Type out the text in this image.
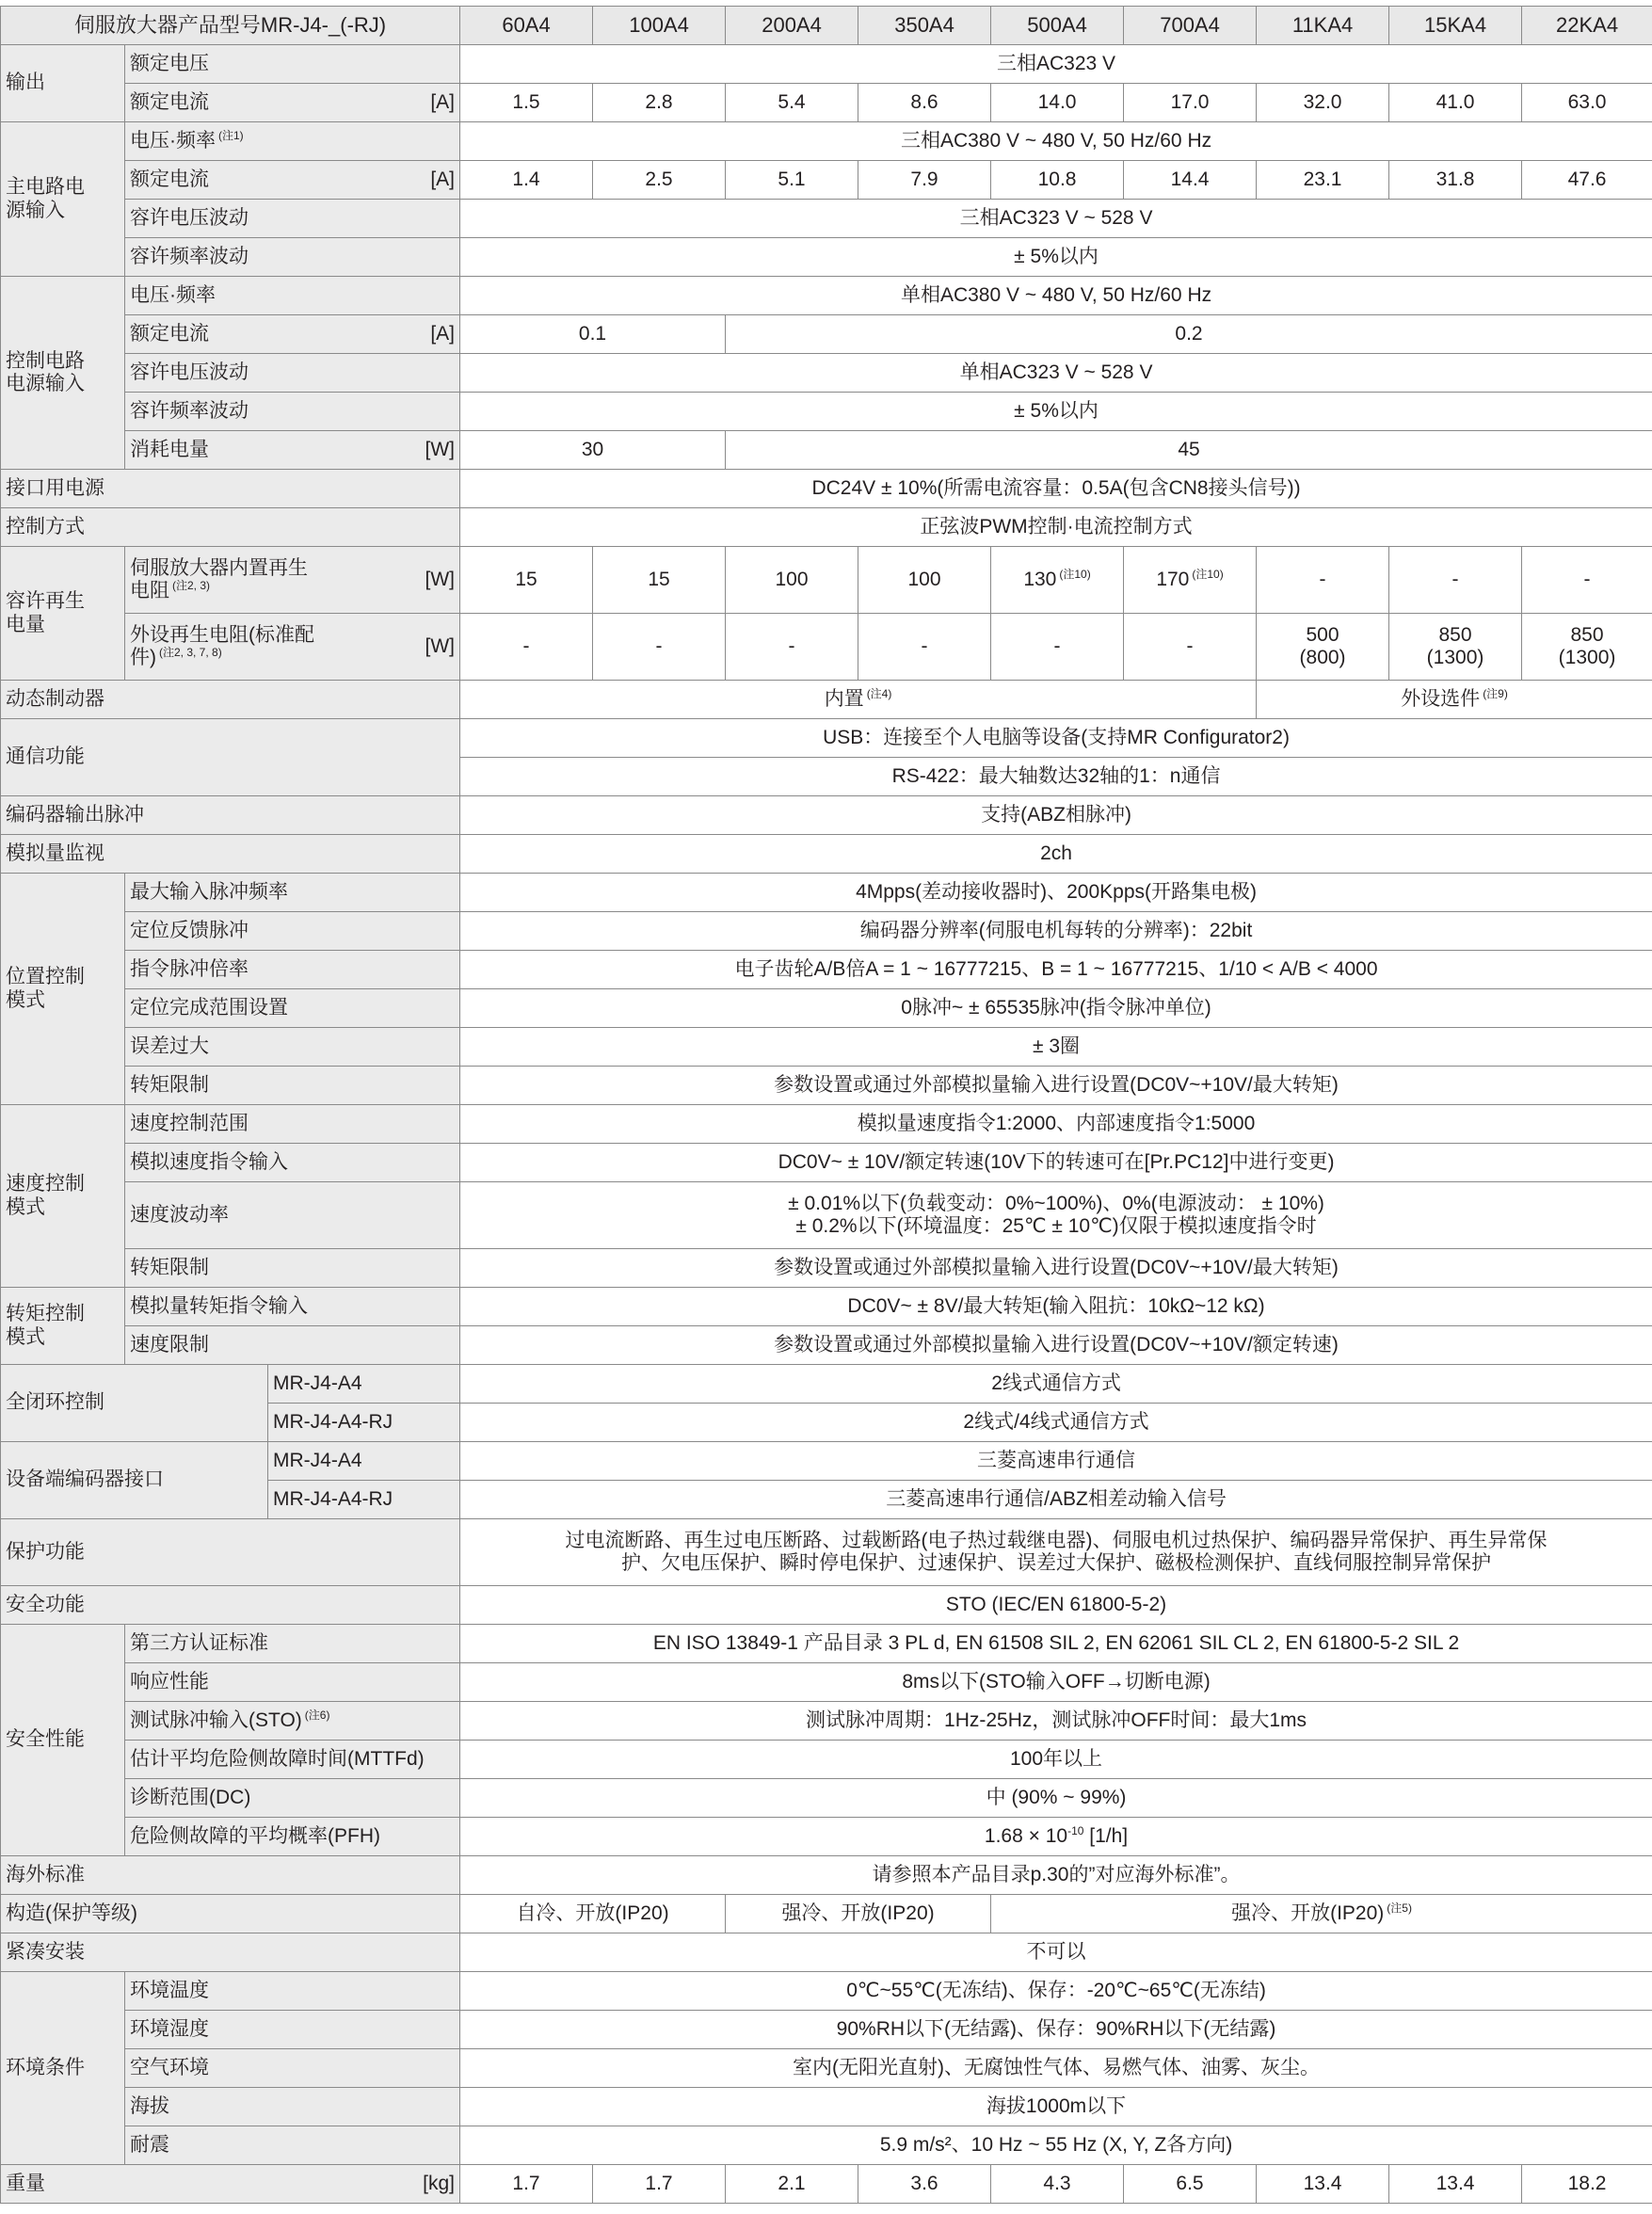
伺服放大器产品型号MR-J4-_(-RJ)			60A4	100A4	200A4	350A4	500A4	700A4	11KA4	15KA4	22KA4
输出	额定电压		三相AC323 V								

	额定电流 [A]		1.5	2.8	5.4	8.6	14.0	17.0	32.0	41.0	63.0
主电路电
源输入	电压·频率 $^{(注1)}$		三相AC380 V ~ 480 V, 50 Hz/60 Hz								

	额定电流 [A]		1.4	2.5	5.1	7.9	10.8	14.4	23.1	31.8	47.6

	容许电压波动		三相AC323 V ~ 528 V								

	容许频率波动		± 5%以内								
控制电路
电源输入	电压·频率		单相AC380 V ~ 480 V, 50 Hz/60 Hz								

	额定电流 [A]		0.1		0.2						

	容许电压波动		单相AC323 V ~ 528 V								

	容许频率波动		± 5%以内								

	消耗电量 [W]		30		45						

接口用电源			DC24V ± 10%(所需电流容量：0.5A(包含CN8接头信号))								

控制方式			正弦波PWM控制·电流控制方式								
容许再生
电量	伺服放大器内置再生
电阻 $^{(注2, 3)}$ [W]		15	15	100	100	130 $^{(注10)}$	170 $^{(注10)}$	-	-	-

	外设再生电阻(标准配
件) $^{(注2, 3, 7, 8)}$ [W]		-	-	-	-	-	-	500
(800)	850
(1300)	850
(1300)

动态制动器			内置 $^{(注4)}$						外设选件 $^{(注9)}$
通信功能			USB：连接至个人电脑等设备(支持MR Configurator2)								
			RS-422：最大轴数达32轴的1：n通信								

编码器输出脉冲			支持(ABZ相脉冲)								

模拟量监视			2ch								
位置控制
模式	最大输入脉冲频率		4Mpps(差动接收器时)、200Kpps(开路集电极)								

	定位反馈脉冲		编码器分辨率(伺服电机每转的分辨率)：22bit								

	指令脉冲倍率		电子齿轮A/B倍A = 1 ~ 16777215、B = 1 ~ 16777215、1/10 < A/B < 4000								

	定位完成范围设置		0脉冲~ ± 65535脉冲(指令脉冲单位)								

	误差过大		± 3圈								

	转矩限制		参数设置或通过外部模拟量输入进行设置(DC0V~+10V/最大转矩)								
速度控制
模式	速度控制范围		模拟量速度指令1:2000、内部速度指令1:5000								

	模拟速度指令输入		DC0V~ ± 10V/额定转速(10V下的转速可在[Pr.PC12]中进行变更)								

	速度波动率		± 0.01%以下(负载变动：0%~100%)、0%(电源波动： ± 10%)
± 0.2%以下(环境温度：25℃ ± 10℃)仅限于模拟速度指令时								

	转矩限制		参数设置或通过外部模拟量输入进行设置(DC0V~+10V/最大转矩)								
转矩控制
模式	模拟量转矩指令输入		DC0V~ ± 8V/最大转矩(输入阻抗：10kΩ~12 kΩ)								

	速度限制		参数设置或通过外部模拟量输入进行设置(DC0V~+10V/额定转速)								
全闭环控制		MR-J4-A4	2线式通信方式								

		MR-J4-A4-RJ	2线式/4线式通信方式								
设备端编码器接口		MR-J4-A4	三菱高速串行通信								

		MR-J4-A4-RJ	三菱高速串行通信/ABZ相差动输入信号								

保护功能			过电流断路、再生过电压断路、过载断路(电子热过载继电器)、伺服电机过热保护、编码器异常保护、再生异常保
护、欠电压保护、瞬时停电保护、过速保护、误差过大保护、磁极检测保护、直线伺服控制异常保护								

安全功能			STO (IEC/EN 61800-5-2)								
安全性能	第三方认证标准		EN ISO 13849-1 产品目录 3 PL d, EN 61508 SIL 2, EN 62061 SIL CL 2, EN 61800-5-2 SIL 2								

	响应性能		8ms以下(STO输入OFF→切断电源)								

	测试脉冲输入(STO) $^{(注6)}$		测试脉冲周期：1Hz-25Hz，测试脉冲OFF时间：最大1ms								

	估计平均危险侧故障时间(MTTFd)		100年以上								

	诊断范围(DC)		中 (90% ~ 99%)								

	危险侧故障的平均概率(PFH)		$1.68 \times 10^{-10}$ [1/h]								

海外标准			请参照本产品目录p.30的”对应海外标准”。								

构造(保护等级)			自冷、开放(IP20)		强冷、开放(IP20)		强冷、开放(IP20) $^{(注5)}$

紧凑安装			不可以								
环境条件	环境温度		0℃~55℃(无冻结)、保存：-20℃~65℃(无冻结)								

	环境湿度		90%RH以下(无结露)、保存：90%RH以下(无结露)								

	空气环境		室内(无阳光直射)、无腐蚀性气体、易燃气体、油雾、灰尘。								

	海拔		海拔1000m以下								

	耐震		5.9 m/s²、10 Hz ~ 55 Hz (X, Y, Z各方向)								

重量 [kg]			1.7	1.7	2.1	3.6	4.3	6.5	13.4	13.4	18.2
